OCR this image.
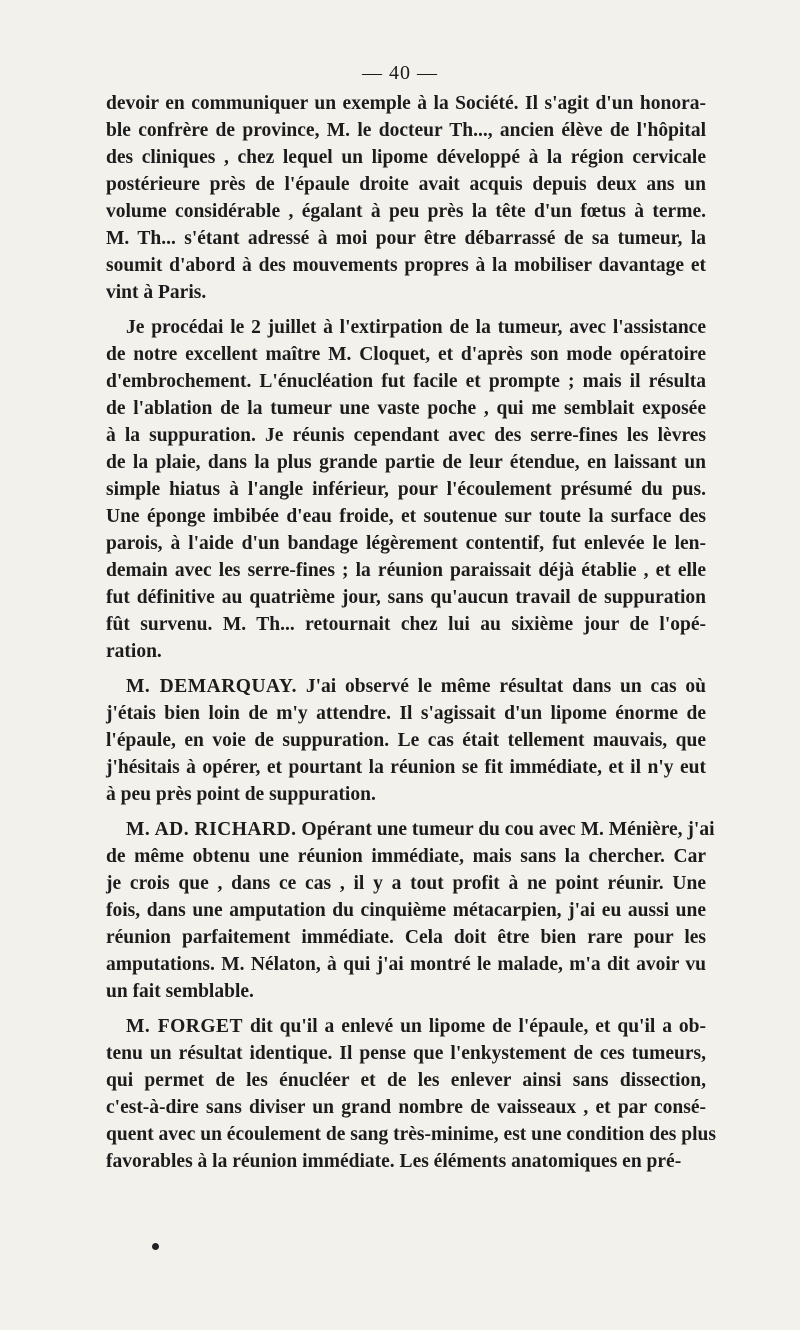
— 40 —
devoir en communiquer un exemple à la Société. Il s'agit d'un honora-
ble confrère de province, M. le docteur Th..., ancien élève de l'hôpital
des cliniques , chez lequel un lipome développé à la région cervicale
postérieure près de l'épaule droite avait acquis depuis deux ans un
volume considérable , égalant à peu près la tête d'un fœtus à terme.
M. Th... s'étant adressé à moi pour être débarrassé de sa tumeur, la
soumit d'abord à des mouvements propres à la mobiliser davantage et
vint à Paris.
Je procédai le 2 juillet à l'extirpation de la tumeur, avec l'assistance
de notre excellent maître M. Cloquet, et d'après son mode opératoire
d'embrochement. L'énucléation fut facile et prompte ; mais il résulta
de l'ablation de la tumeur une vaste poche , qui me semblait exposée
à la suppuration. Je réunis cependant avec des serre-fines les lèvres
de la plaie, dans la plus grande partie de leur étendue, en laissant un
simple hiatus à l'angle inférieur, pour l'écoulement présumé du pus.
Une éponge imbibée d'eau froide, et soutenue sur toute la surface des
parois, à l'aide d'un bandage légèrement contentif, fut enlevée le len-
demain avec les serre-fines ; la réunion paraissait déjà établie , et elle
fut définitive au quatrième jour, sans qu'aucun travail de suppuration
fût survenu. M. Th... retournait chez lui au sixième jour de l'opé-
ration.
M. DEMARQUAY. J'ai observé le même résultat dans un cas où
j'étais bien loin de m'y attendre. Il s'agissait d'un lipome énorme de
l'épaule, en voie de suppuration. Le cas était tellement mauvais, que
j'hésitais à opérer, et pourtant la réunion se fit immédiate, et il n'y eut
à peu près point de suppuration.
M. AD. RICHARD. Opérant une tumeur du cou avec M. Ménière, j'ai
de même obtenu une réunion immédiate, mais sans la chercher. Car
je crois que , dans ce cas , il y a tout profit à ne point réunir. Une
fois, dans une amputation du cinquième métacarpien, j'ai eu aussi une
réunion parfaitement immédiate. Cela doit être bien rare pour les
amputations. M. Nélaton, à qui j'ai montré le malade, m'a dit avoir vu
un fait semblable.
M. FORGET dit qu'il a enlevé un lipome de l'épaule, et qu'il a ob-
tenu un résultat identique. Il pense que l'enkystement de ces tumeurs,
qui permet de les énucléer et de les enlever ainsi sans dissection,
c'est-à-dire sans diviser un grand nombre de vaisseaux , et par consé-
quent avec un écoulement de sang très-minime, est une condition des plus
favorables à la réunion immédiate. Les éléments anatomiques en pré-
